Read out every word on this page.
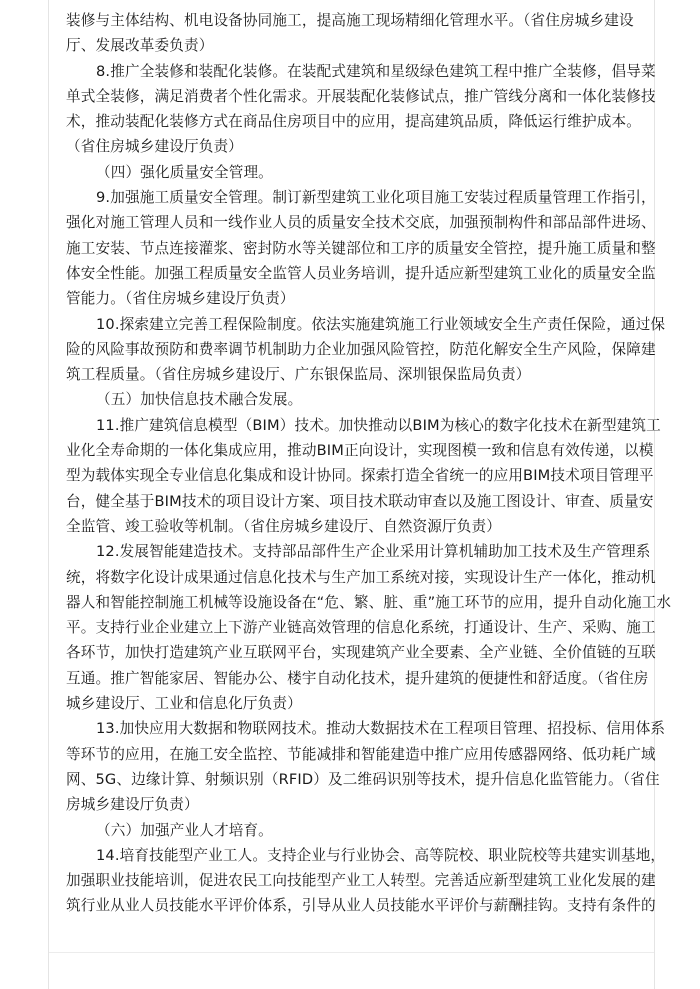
装修与主体结构、机电设备协同施工，提高施工现场精细化管理水平。（省住房城乡建设
厅、发展改革委负责）
8.推广全装修和装配化装修。在装配式建筑和星级绿色建筑工程中推广全装修，倡导菜
单式全装修，满足消费者个性化需求。开展装配化装修试点，推广管线分离和一体化装修技
术，推动装配化装修方式在商品住房项目中的应用，提高建筑品质，降低运行维护成本。
（省住房城乡建设厅负责）
（四）强化质量安全管理。
9.加强施工质量安全管理。制订新型建筑工业化项目施工安装过程质量管理工作指引，
强化对施工管理人员和一线作业人员的质量安全技术交底，加强预制构件和部品部件进场、
施工安装、节点连接灌浆、密封防水等关键部位和工序的质量安全管控，提升施工质量和整
体安全性能。加强工程质量安全监管人员业务培训，提升适应新型建筑工业化的质量安全监
管能力。（省住房城乡建设厅负责）
10.探索建立完善工程保险制度。依法实施建筑施工行业领域安全生产责任保险，通过保
险的风险事故预防和费率调节机制助力企业加强风险管控，防范化解安全生产风险，保障建
筑工程质量。（省住房城乡建设厅、广东银保监局、深圳银保监局负责）
（五）加快信息技术融合发展。
11.推广建筑信息模型（BIM）技术。加快推动以BIM为核心的数字化技术在新型建筑工
业化全寿命期的一体化集成应用，推动BIM正向设计，实现图模一致和信息有效传递，以模
型为载体实现全专业信息化集成和设计协同。探索打造全省统一的应用BIM技术项目管理平
台，健全基于BIM技术的项目设计方案、项目技术联动审查以及施工图设计、审查、质量安
全监管、竣工验收等机制。（省住房城乡建设厅、自然资源厅负责）
12.发展智能建造技术。支持部品部件生产企业采用计算机辅助加工技术及生产管理系
统，将数字化设计成果通过信息化技术与生产加工系统对接，实现设计生产一体化，推动机
器人和智能控制施工机械等设施设备在“危、繁、脏、重”施工环节的应用，提升自动化施工水
平。支持行业企业建立上下游产业链高效管理的信息化系统，打通设计、生产、采购、施工
各环节，加快打造建筑产业互联网平台，实现建筑产业全要素、全产业链、全价值链的互联
互通。推广智能家居、智能办公、楼宇自动化技术，提升建筑的便捷性和舒适度。（省住房
城乡建设厅、工业和信息化厅负责）
13.加快应用大数据和物联网技术。推动大数据技术在工程项目管理、招投标、信用体系
等环节的应用，在施工安全监控、节能减排和智能建造中推广应用传感器网络、低功耗广域
网、5G、边缘计算、射频识别（RFID）及二维码识别等技术，提升信息化监管能力。（省住
房城乡建设厅负责）
（六）加强产业人才培育。
14.培育技能型产业工人。支持企业与行业协会、高等院校、职业院校等共建实训基地，
加强职业技能培训，促进农民工向技能型产业工人转型。完善适应新型建筑工业化发展的建
筑行业从业人员技能水平评价体系，引导从业人员技能水平评价与薪酬挂钩。支持有条件的
